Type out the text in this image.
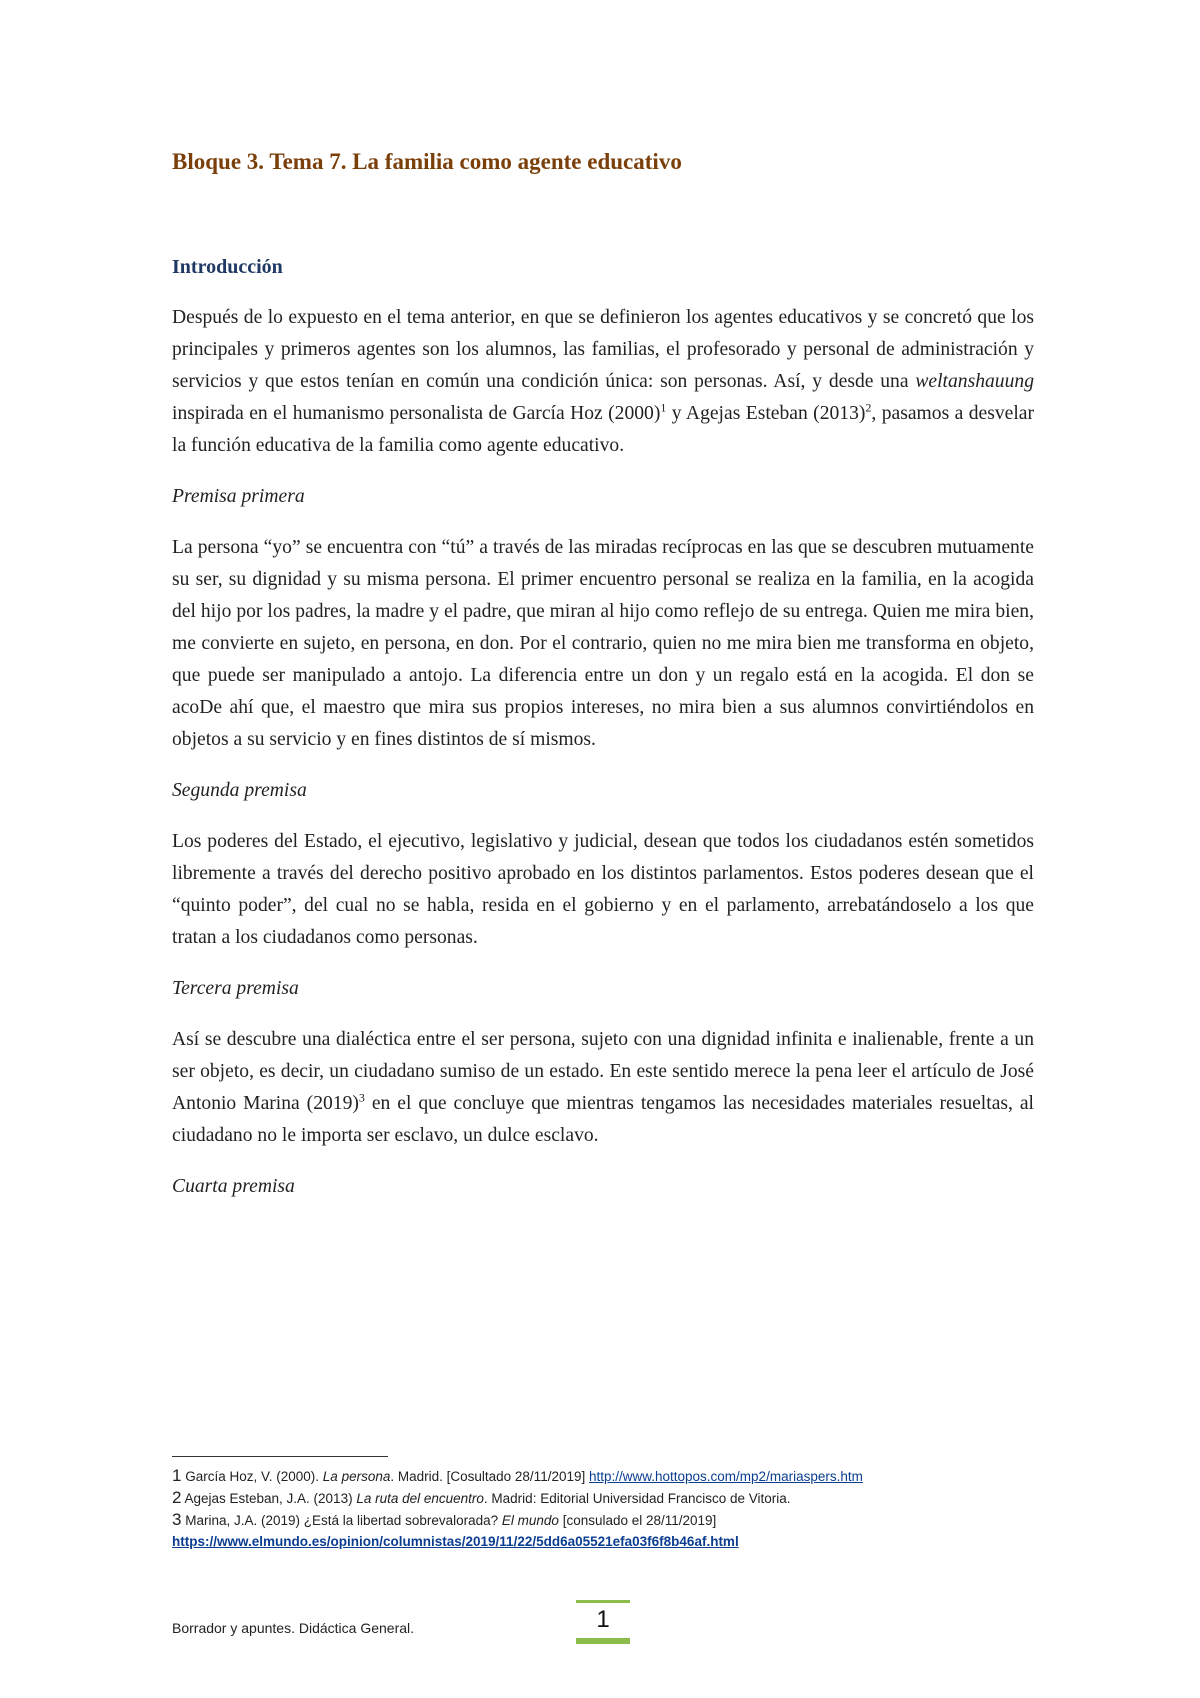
Bloque 3. Tema 7. La familia como agente educativo
Introducción

Después de lo expuesto en el tema anterior, en que se definieron los agentes educativos y se concretó que los principales y primeros agentes son los alumnos, las familias, el profesorado y personal de administración y servicios y que estos tenían en común una condición única: son personas. Así, y desde una weltanshauung inspirada en el humanismo personalista de García Hoz $(2000)^1$ y Agejas Esteban $(2013)^2$, pasamos a desvelar la función educativa de la familia como agente educativo.

Premisa primera

La persona “yo” se encuentra con “tú” a través de las miradas recíprocas en las que se descubren mutuamente su ser, su dignidad y su misma persona. El primer encuentro personal se realiza en la familia, en la acogida del hijo por los padres, la madre y el padre, que miran al hijo como reflejo de su entrega. Quien me mira bien, me convierte en sujeto, en persona, en don. Por el contrario, quien no me mira bien me transforma en objeto, que puede ser manipulado a antojo. La diferencia entre un don y un regalo está en la acogida. El don se acoDe ahí que, el maestro que mira sus propios intereses, no mira bien a sus alumnos convirtiéndolos en objetos a su servicio y en fines distintos de sí mismos.

Segunda premisa

Los poderes del Estado, el ejecutivo, legislativo y judicial, desean que todos los ciudadanos estén sometidos libremente a través del derecho positivo aprobado en los distintos parlamentos. Estos poderes desean que el “quinto poder”, del cual no se habla, resida en el gobierno y en el parlamento, arrebatándoselo a los que tratan a los ciudadanos como personas.

Tercera premisa

Así se descubre una dialéctica entre el ser persona, sujeto con una dignidad infinita e inalienable, frente a un ser objeto, es decir, un ciudadano sumiso de un estado. En este sentido merece la pena leer el artículo de José Antonio Marina $(2019)^3$ en el que concluye que mientras tengamos las necesidades materiales resueltas, al ciudadano no le importa ser esclavo, un dulce esclavo.

Cuarta premisa

1 García Hoz, V. (2000). La persona. Madrid. [Cosultado 28/11/2019] http://www.hottopos.com/mp2/mariaspers.htm
2 Agejas Esteban, J.A. (2013) La ruta del encuentro. Madrid: Editorial Universidad Francisco de Vitoria.
3 Marina, J.A. (2019) ¿Está la libertad sobrevalorada? El mundo [consulado el 28/11/2019]
https://www.elmundo.es/opinion/columnistas/2019/11/22/5dd6a05521efa03f6f8b46af.html
Borrador y apuntes. Didáctica General.	1
